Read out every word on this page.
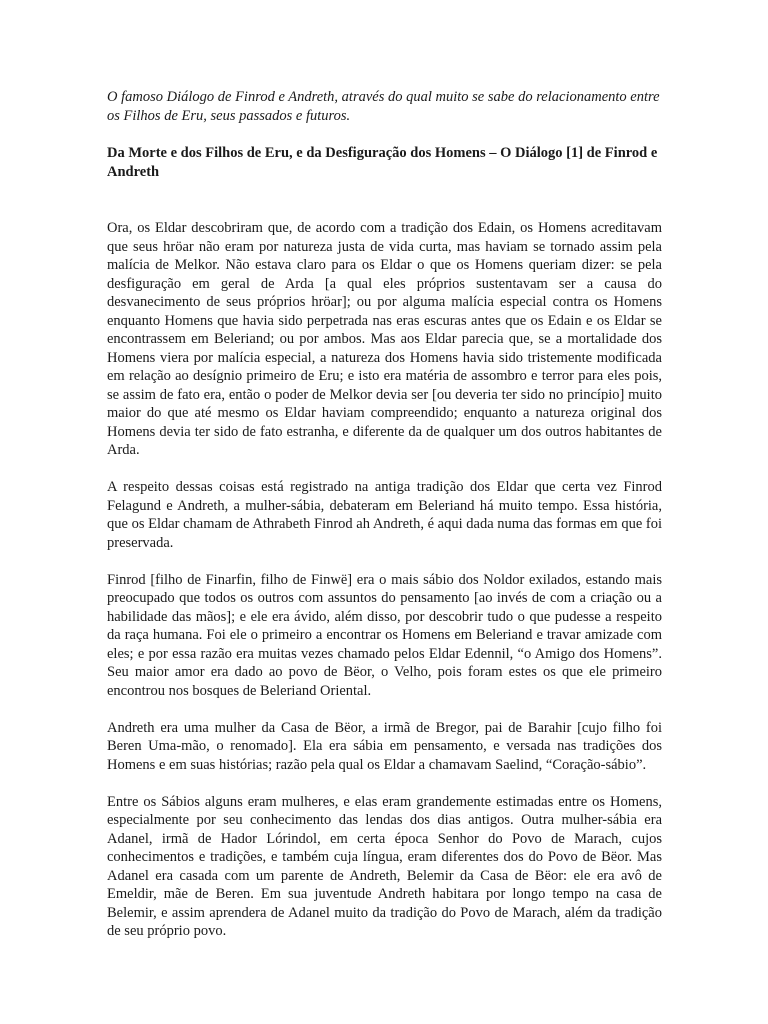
O famoso Diálogo de Finrod e Andreth, através do qual muito se sabe do relacionamento entre os Filhos de Eru, seus passados e futuros.

Da Morte e dos Filhos de Eru, e da Desfiguração dos Homens – O Diálogo [1] de Finrod e Andreth

Ora, os Eldar descobriram que, de acordo com a tradição dos Edain, os Homens acreditavam que seus hröar não eram por natureza justa de vida curta, mas haviam se tornado assim pela malícia de Melkor. Não estava claro para os Eldar o que os Homens queriam dizer: se pela desfiguração em geral de Arda [a qual eles próprios sustentavam ser a causa do desvanecimento de seus próprios hröar]; ou por alguma malícia especial contra os Homens enquanto Homens que havia sido perpetrada nas eras escuras antes que os Edain e os Eldar se encontrassem em Beleriand; ou por ambos. Mas aos Eldar parecia que, se a mortalidade dos Homens viera por malícia especial, a natureza dos Homens havia sido tristemente modificada em relação ao desígnio primeiro de Eru; e isto era matéria de assombro e terror para eles pois, se assim de fato era, então o poder de Melkor devia ser [ou deveria ter sido no princípio] muito maior do que até mesmo os Eldar haviam compreendido; enquanto a natureza original dos Homens devia ter sido de fato estranha, e diferente da de qualquer um dos outros habitantes de Arda.

A respeito dessas coisas está registrado na antiga tradição dos Eldar que certa vez Finrod Felagund e Andreth, a mulher-sábia, debateram em Beleriand há muito tempo. Essa história, que os Eldar chamam de Athrabeth Finrod ah Andreth, é aqui dada numa das formas em que foi preservada.

Finrod [filho de Finarfin, filho de Finwë] era o mais sábio dos Noldor exilados, estando mais preocupado que todos os outros com assuntos do pensamento [ao invés de com a criação ou a habilidade das mãos]; e ele era ávido, além disso, por descobrir tudo o que pudesse a respeito da raça humana. Foi ele o primeiro a encontrar os Homens em Beleriand e travar amizade com eles; e por essa razão era muitas vezes chamado pelos Eldar Edennil, “o Amigo dos Homens”. Seu maior amor era dado ao povo de Bëor, o Velho, pois foram estes os que ele primeiro encontrou nos bosques de Beleriand Oriental.

Andreth era uma mulher da Casa de Bëor, a irmã de Bregor, pai de Barahir [cujo filho foi Beren Uma-mão, o renomado]. Ela era sábia em pensamento, e versada nas tradições dos Homens e em suas histórias; razão pela qual os Eldar a chamavam Saelind, “Coração-sábio”.

Entre os Sábios alguns eram mulheres, e elas eram grandemente estimadas entre os Homens, especialmente por seu conhecimento das lendas dos dias antigos. Outra mulher-sábia era Adanel, irmã de Hador Lórindol, em certa época Senhor do Povo de Marach, cujos conhecimentos e tradições, e também cuja língua, eram diferentes dos do Povo de Bëor. Mas Adanel era casada com um parente de Andreth, Belemir da Casa de Bëor: ele era avô de Emeldir, mãe de Beren. Em sua juventude Andreth habitara por longo tempo na casa de Belemir, e assim aprendera de Adanel muito da tradição do Povo de Marach, além da tradição de seu próprio povo.
